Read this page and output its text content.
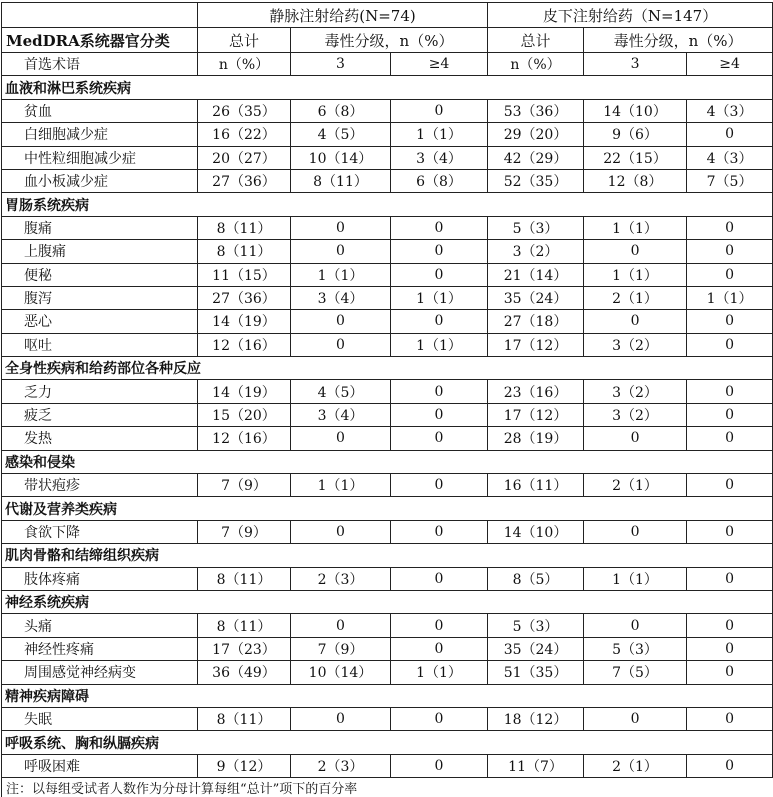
	静脉注射给药(N=74)			皮下注射给药（N=147）		
MedDRA系统器官分类	总计	毒性分级，n（%）		总计	毒性分级，n（%）	
首选术语	n（%）	3	≥4	n（%）	3	≥4
血液和淋巴系统疾病						
贫血	26（35）	6（8）	0	53（36）	14（10）	4（3）
白细胞减少症	16（22）	4（5）	1（1）	29（20）	9（6）	0
中性粒细胞减少症	20（27）	10（14）	3（4）	42（29）	22（15）	4（3）
血小板减少症	27（36）	8（11）	6（8）	52（35）	12（8）	7（5）
胃肠系统疾病						
腹痛	8（11）	0	0	5（3）	1（1）	0
上腹痛	8（11）	0	0	3（2）	0	0
便秘	11（15）	1（1）	0	21（14）	1（1）	0
腹泻	27（36）	3（4）	1（1）	35（24）	2（1）	1（1）
恶心	14（19）	0	0	27（18）	0	0
呕吐	12（16）	0	1（1）	17（12）	3（2）	0
全身性疾病和给药部位各种反应						
乏力	14（19）	4（5）	0	23（16）	3（2）	0
疲乏	15（20）	3（4）	0	17（12）	3（2）	0
发热	12（16）	0	0	28（19）	0	0
感染和侵染						
带状疱疹	7（9）	1（1）	0	16（11）	2（1）	0
代谢及营养类疾病						
食欲下降	7（9）	0	0	14（10）	0	0
肌肉骨骼和结缔组织疾病						
肢体疼痛	8（11）	2（3）	0	8（5）	1（1）	0
神经系统疾病						
头痛	8（11）	0	0	5（3）	0	0
神经性疼痛	17（23）	7（9）	0	35（24）	5（3）	0
周围感觉神经病变	36（49）	10（14）	1（1）	51（35）	7（5）	0
精神疾病障碍						
失眠	8（11）	0	0	18（12）	0	0
呼吸系统、胸和纵膈疾病						
呼吸困难	9（12）	2（3）	0	11（7）	2（1）	0
注：以每组受试者人数作为分母计算每组“总计”项下的百分率						
